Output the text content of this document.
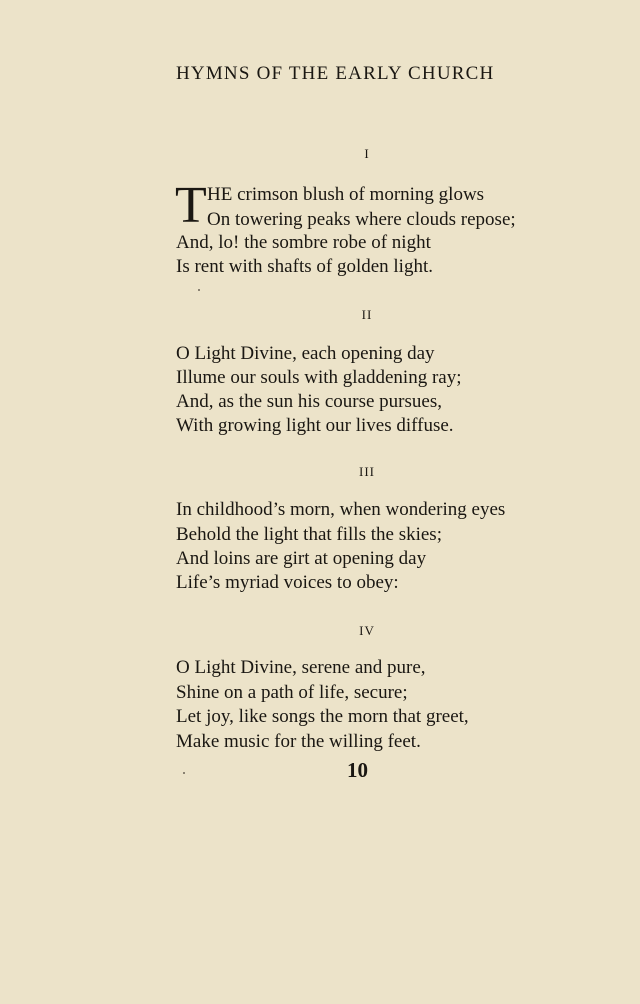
HYMNS OF THE EARLY CHURCH
I
T HE crimson blush of morning glows
On towering peaks where clouds repose;
And, lo! the sombre robe of night
Is rent with shafts of golden light.
II
O Light Divine, each opening day
Illume our souls with gladdening ray;
And, as the sun his course pursues,
With growing light our lives diffuse.
III
In childhood’s morn, when wondering eyes
Behold the light that fills the skies;
And loins are girt at opening day
Life’s myriad voices to obey:
IV
O Light Divine, serene and pure,
Shine on a path of life, secure;
Let joy, like songs the morn that greet,
Make music for the willing feet.
10
